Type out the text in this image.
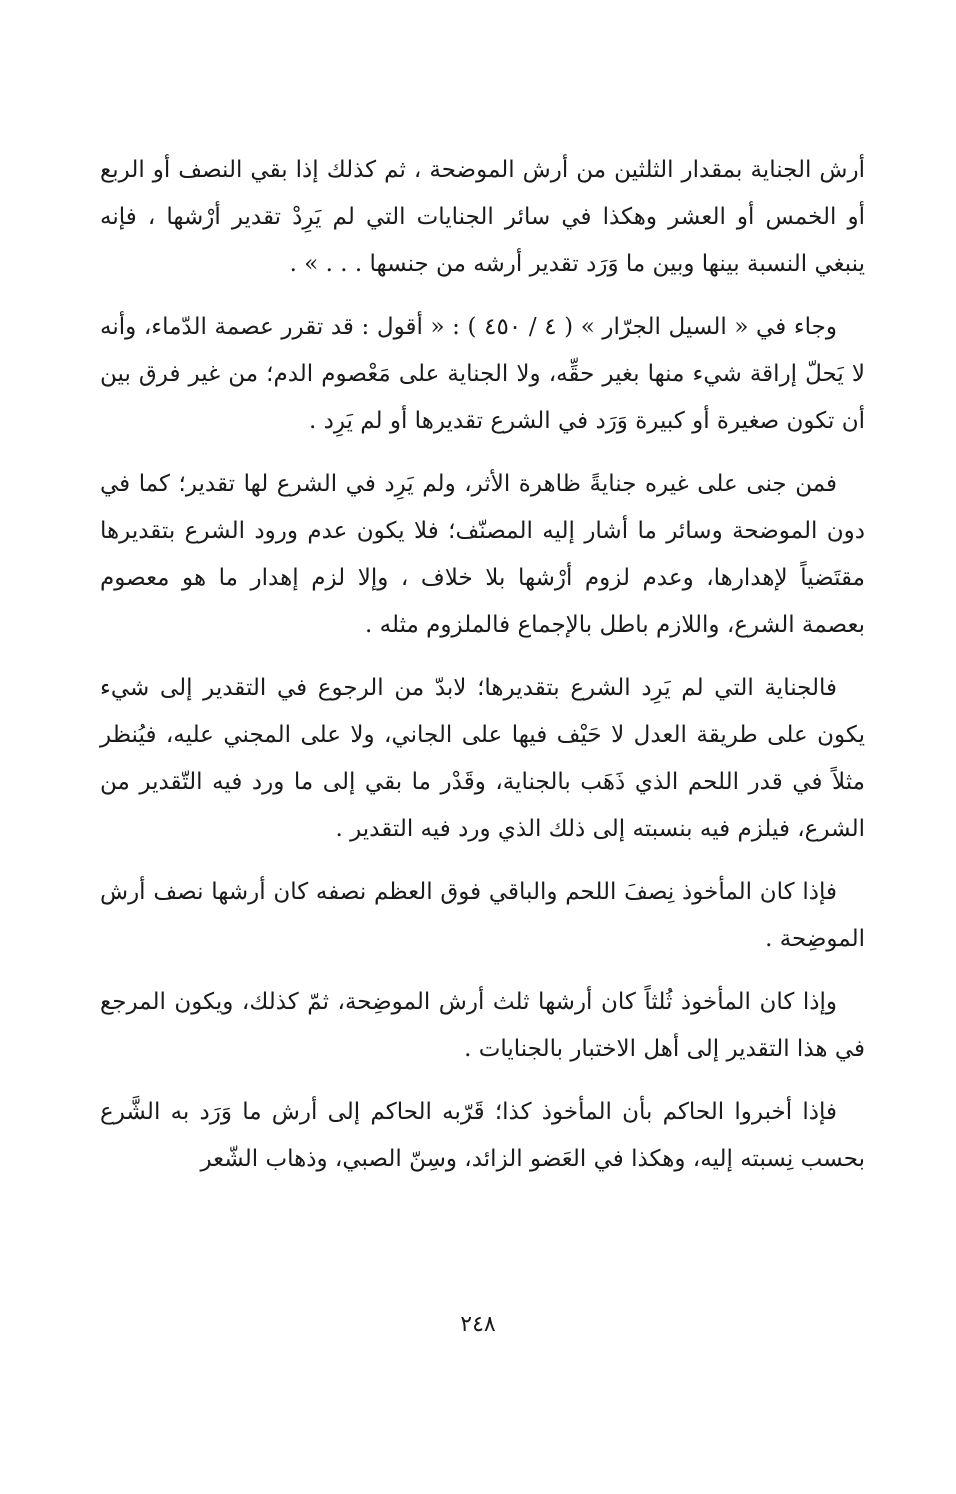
أرش الجناية بمقدار الثلثين من أرش الموضحة ، ثم كذلك إذا بقي النصف أو الربع أو الخمس أو العشر وهكذا في سائر الجنايات التي لم يَرِدْ تقدير أرْشها ، فإنه ينبغي النسبة بينها وبين ما وَرَد تقدير أرشه من جنسها . . . » .

وجاء في « السيل الجرّار » ( ٤ / ٤٥٠ ) : « أقول : قد تقرر عصمة الدّماء، وأنه لا يَحلّ إراقة شيء منها بغير حقِّه، ولا الجناية على مَعْصوم الدم؛ من غير فرق بين أن تكون صغيرة أو كبيرة وَرَد في الشرع تقديرها أو لم يَرِد .

فمن جنى على غيره جنايةً ظاهرة الأثر، ولم يَرِد في الشرع لها تقدير؛ كما في دون الموضحة وسائر ما أشار إليه المصنّف؛ فلا يكون عدم ورود الشرع بتقديرها مقتَضياً لإهدارها، وعدم لزوم أرْشها بلا خلاف ، وإلا لزم إهدار ما هو معصوم بعصمة الشرع، واللازم باطل بالإجماع فالملزوم مثله .

فالجناية التي لم يَرِد الشرع بتقديرها؛ لابدّ من الرجوع في التقدير إلى شيء يكون على طريقة العدل لا حَيْف فيها على الجاني، ولا على المجني عليه، فيُنظر مثلاً في قدر اللحم الذي ذَهَب بالجناية، وقَدْر ما بقي إلى ما ورد فيه التّقدير من الشرع، فيلزم فيه بنسبته إلى ذلك الذي ورد فيه التقدير .

فإذا كان المأخوذ نِصفَ اللحم والباقي فوق العظم نصفه كان أرشها نصف أرش الموضِحة .

وإذا كان المأخوذ ثُلثاً كان أرشها ثلث أرش الموضِحة، ثمّ كذلك، ويكون المرجع في هذا التقدير إلى أهل الاختبار بالجنايات .

فإذا أخبروا الحاكم بأن المأخوذ كذا؛ قَرّبه الحاكم إلى أرش ما وَرَد به الشَّرع بحسب نِسبته إليه، وهكذا في العَضو الزائد، وسِنّ الصبي، وذهاب الشّعر

٢٤٨
